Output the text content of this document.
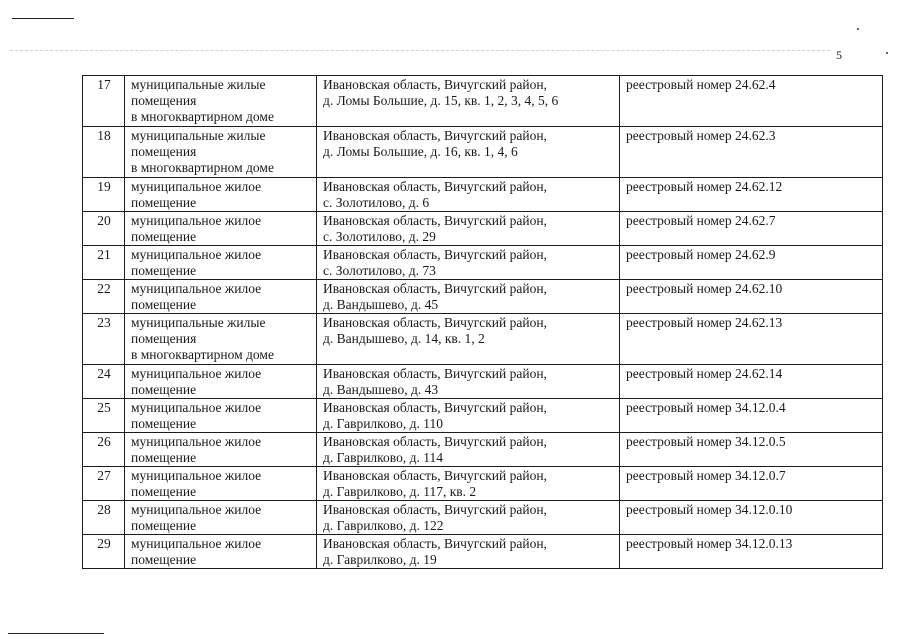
5
17	муниципальные жилые
помещения
в многоквартирном доме	Ивановская область, Вичугский район,
д. Ломы Большие, д. 15, кв. 1, 2, 3, 4, 5, 6	реестровый номер 24.62.4
18	муниципальные жилые
помещения
в многоквартирном доме	Ивановская область, Вичугский район,
д. Ломы Большие, д. 16, кв. 1, 4, 6	реестровый номер 24.62.3
19	муниципальное жилое
помещение	Ивановская область, Вичугский район,
с. Золотилово, д. 6	реестровый номер 24.62.12
20	муниципальное жилое
помещение	Ивановская область, Вичугский район,
с. Золотилово, д. 29	реестровый номер 24.62.7
21	муниципальное жилое
помещение	Ивановская область, Вичугский район,
с. Золотилово, д. 73	реестровый номер 24.62.9
22	муниципальное жилое
помещение	Ивановская область, Вичугский район,
д. Вандышево, д. 45	реестровый номер 24.62.10
23	муниципальные жилые
помещения
в многоквартирном доме	Ивановская область, Вичугский район,
д. Вандышево, д. 14, кв. 1, 2	реестровый номер 24.62.13
24	муниципальное жилое
помещение	Ивановская область, Вичугский район,
д. Вандышево, д. 43	реестровый номер 24.62.14
25	муниципальное жилое
помещение	Ивановская область, Вичугский район,
д. Гаврилково, д. 110	реестровый номер 34.12.0.4
26	муниципальное жилое
помещение	Ивановская область, Вичугский район,
д. Гаврилково, д. 114	реестровый номер 34.12.0.5
27	муниципальное жилое
помещение	Ивановская область, Вичугский район,
д. Гаврилково, д. 117, кв. 2	реестровый номер 34.12.0.7
28	муниципальное жилое
помещение	Ивановская область, Вичугский район,
д. Гаврилково, д. 122	реестровый номер 34.12.0.10
29	муниципальное жилое
помещение	Ивановская область, Вичугский район,
д. Гаврилково, д. 19	реестровый номер 34.12.0.13
